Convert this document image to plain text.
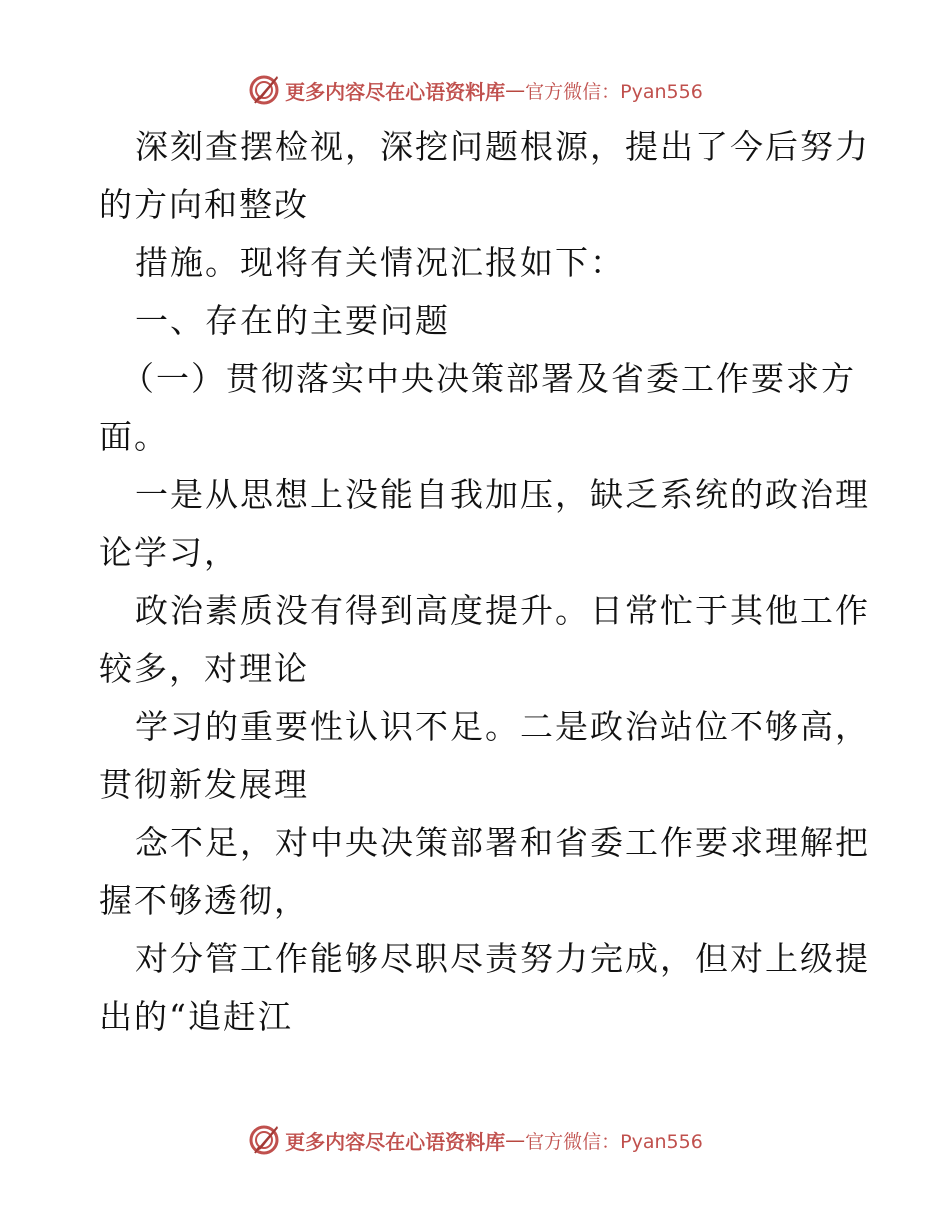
更多内容尽在心语资料库 — 官方微信：Pyan556
深刻查摆检视，深挖问题根源，提出了今后努力
的方向和整改
措施。现将有关情况汇报如下：
一、存在的主要问题
（一）贯彻落实中央决策部署及省委工作要求方
面。
一是从思想上没能自我加压，缺乏系统的政治理
论学习，
政治素质没有得到高度提升。日常忙于其他工作
较多，对理论
学习的重要性认识不足。二是政治站位不够高，
贯彻新发展理
念不足，对中央决策部署和省委工作要求理解把
握不够透彻，
对分管工作能够尽职尽责努力完成，但对上级提
出的“追赶江
更多内容尽在心语资料库 — 官方微信：Pyan556
